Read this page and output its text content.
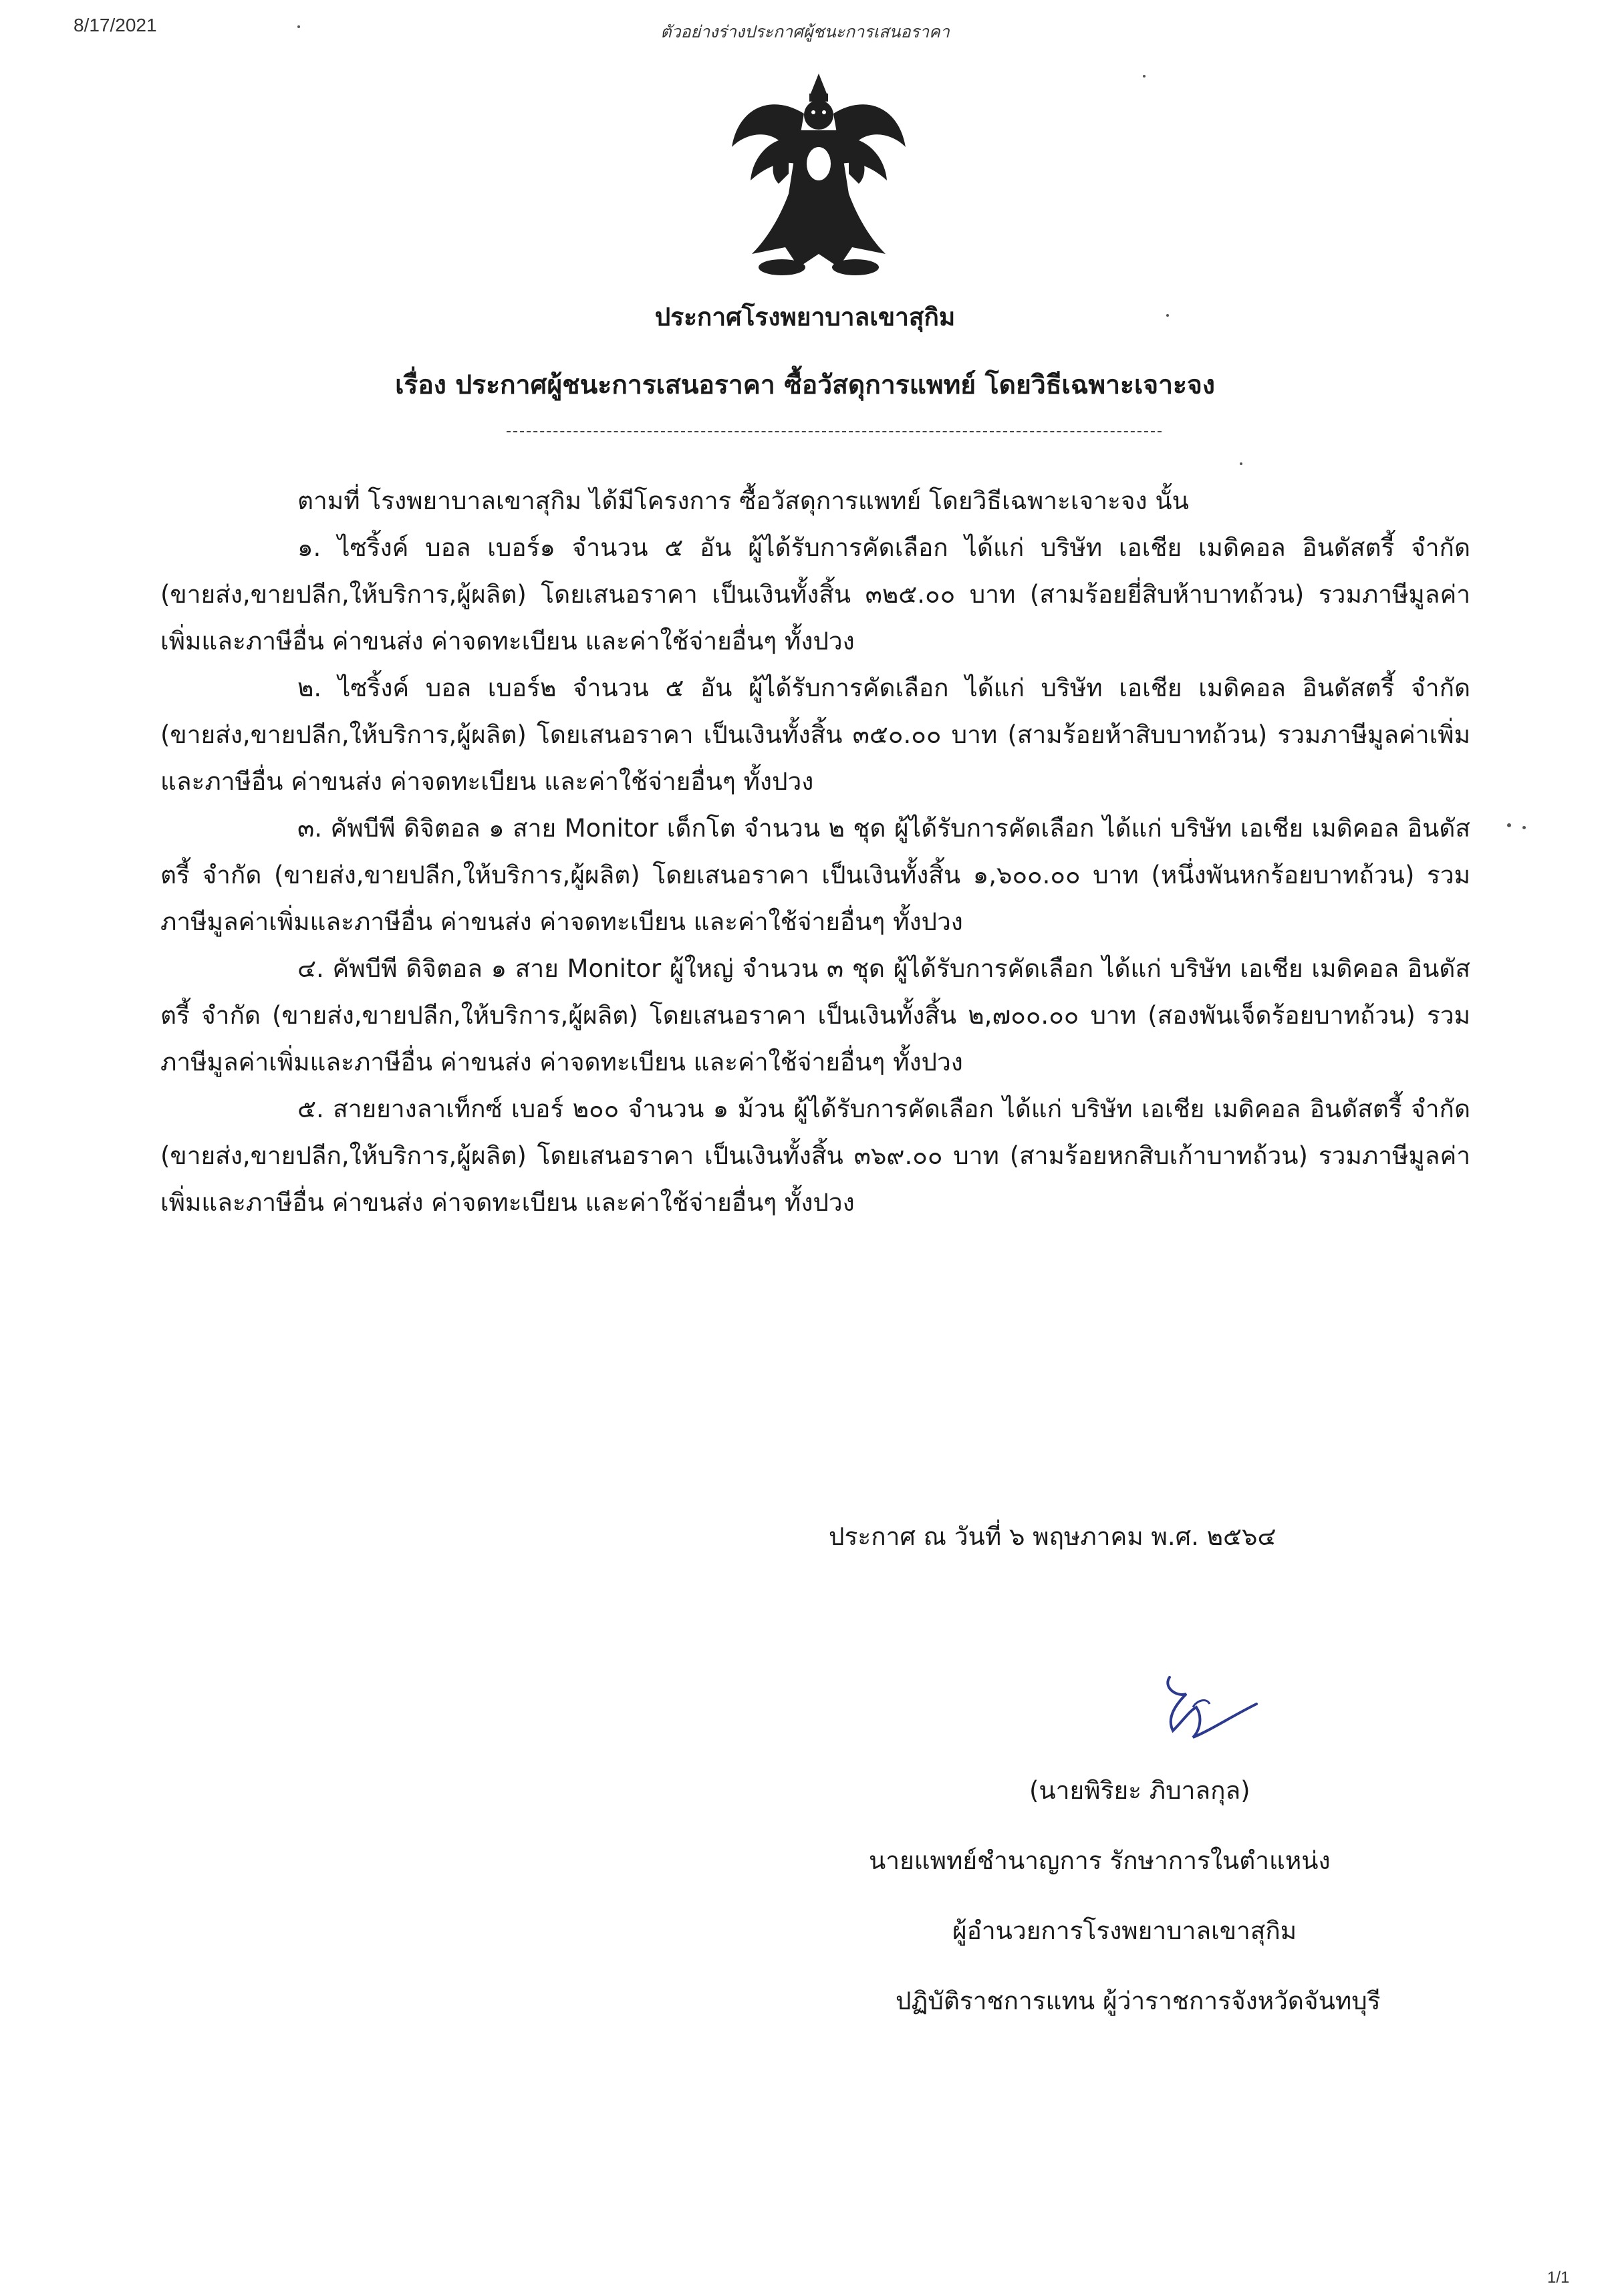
8/17/2021	ตัวอย่างร่างประกาศผู้ชนะการเสนอราคา
ประกาศโรงพยาบาลเขาสุกิม
เรื่อง ประกาศผู้ชนะการเสนอราคา ซื้อวัสดุการแพทย์ โดยวิธีเฉพาะเจาะจง
ตามที่ โรงพยาบาลเขาสุกิม ได้มีโครงการ ซื้อวัสดุการแพทย์ โดยวิธีเฉพาะเจาะจง นั้น

๑. ไซริ้งค์ บอล เบอร์๑ จำนวน ๕ อัน ผู้ได้รับการคัดเลือก ได้แก่ บริษัท เอเชีย เมดิคอล อินดัสตรี้ จำกัด (ขายส่ง,ขายปลีก,ให้บริการ,ผู้ผลิต) โดยเสนอราคา เป็นเงินทั้งสิ้น ๓๒๕.๐๐ บาท (สามร้อยยี่สิบห้าบาทถ้วน) รวมภาษีมูลค่าเพิ่มและภาษีอื่น ค่าขนส่ง ค่าจดทะเบียน และค่าใช้จ่ายอื่นๆ ทั้งปวง

๒. ไซริ้งค์ บอล เบอร์๒ จำนวน ๕ อัน ผู้ได้รับการคัดเลือก ได้แก่ บริษัท เอเชีย เมดิคอล อินดัสตรี้ จำกัด (ขายส่ง,ขายปลีก,ให้บริการ,ผู้ผลิต) โดยเสนอราคา เป็นเงินทั้งสิ้น ๓๕๐.๐๐ บาท (สามร้อยห้าสิบบาทถ้วน) รวมภาษีมูลค่าเพิ่มและภาษีอื่น ค่าขนส่ง ค่าจดทะเบียน และค่าใช้จ่ายอื่นๆ ทั้งปวง

๓. คัพบีพี ดิจิตอล ๑ สาย Monitor เด็กโต จำนวน ๒ ชุด ผู้ได้รับการคัดเลือก ได้แก่ บริษัท เอเชีย เมดิคอล อินดัสตรี้ จำกัด (ขายส่ง,ขายปลีก,ให้บริการ,ผู้ผลิต) โดยเสนอราคา เป็นเงินทั้งสิ้น ๑,๖๐๐.๐๐ บาท (หนึ่งพันหกร้อยบาทถ้วน) รวมภาษีมูลค่าเพิ่มและภาษีอื่น ค่าขนส่ง ค่าจดทะเบียน และค่าใช้จ่ายอื่นๆ ทั้งปวง

๔. คัพบีพี ดิจิตอล ๑ สาย Monitor ผู้ใหญ่ จำนวน ๓ ชุด ผู้ได้รับการคัดเลือก ได้แก่ บริษัท เอเชีย เมดิคอล อินดัสตรี้ จำกัด (ขายส่ง,ขายปลีก,ให้บริการ,ผู้ผลิต) โดยเสนอราคา เป็นเงินทั้งสิ้น ๒,๗๐๐.๐๐ บาท (สองพันเจ็ดร้อยบาทถ้วน) รวมภาษีมูลค่าเพิ่มและภาษีอื่น ค่าขนส่ง ค่าจดทะเบียน และค่าใช้จ่ายอื่นๆ ทั้งปวง

๕. สายยางลาเท็กซ์ เบอร์ ๒๐๐ จำนวน ๑ ม้วน ผู้ได้รับการคัดเลือก ได้แก่ บริษัท เอเชีย เมดิคอล อินดัสตรี้ จำกัด (ขายส่ง,ขายปลีก,ให้บริการ,ผู้ผลิต) โดยเสนอราคา เป็นเงินทั้งสิ้น ๓๖๙.๐๐ บาท (สามร้อยหกสิบเก้าบาทถ้วน) รวมภาษีมูลค่าเพิ่มและภาษีอื่น ค่าขนส่ง ค่าจดทะเบียน และค่าใช้จ่ายอื่นๆ ทั้งปวง

ประกาศ ณ วันที่ ๖ พฤษภาคม พ.ศ. ๒๕๖๔
(นายพิริยะ ภิบาลกุล)
นายแพทย์ชำนาญการ รักษาการในตำแหน่ง
ผู้อำนวยการโรงพยาบาลเขาสุกิม
ปฏิบัติราชการแทน ผู้ว่าราชการจังหวัดจันทบุรี
1/1
